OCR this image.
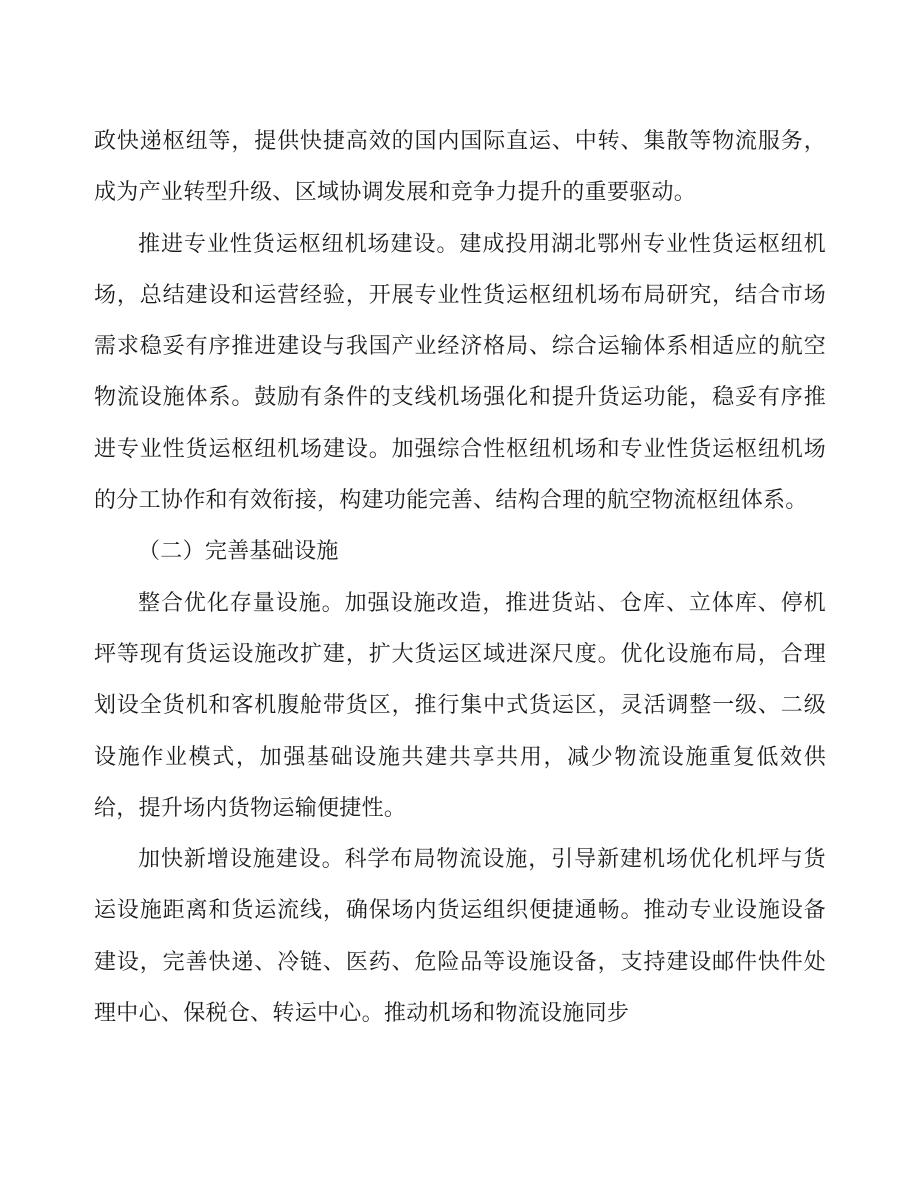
政快递枢纽等，提供快捷高效的国内国际直运、中转、集散等物流服务，成为产业转型升级、区域协调发展和竞争力提升的重要驱动。

推进专业性货运枢纽机场建设。建成投用湖北鄂州专业性货运枢纽机场，总结建设和运营经验，开展专业性货运枢纽机场布局研究，结合市场需求稳妥有序推进建设与我国产业经济格局、综合运输体系相适应的航空物流设施体系。鼓励有条件的支线机场强化和提升货运功能，稳妥有序推进专业性货运枢纽机场建设。加强综合性枢纽机场和专业性货运枢纽机场的分工协作和有效衔接，构建功能完善、结构合理的航空物流枢纽体系。

（二）完善基础设施

整合优化存量设施。加强设施改造，推进货站、仓库、立体库、停机坪等现有货运设施改扩建，扩大货运区域进深尺度。优化设施布局，合理划设全货机和客机腹舱带货区，推行集中式货运区，灵活调整一级、二级设施作业模式，加强基础设施共建共享共用，减少物流设施重复低效供给，提升场内货物运输便捷性。

加快新增设施建设。科学布局物流设施，引导新建机场优化机坪与货运设施距离和货运流线，确保场内货运组织便捷通畅。推动专业设施设备建设，完善快递、冷链、医药、危险品等设施设备，支持建设邮件快件处理中心、保税仓、转运中心。推动机场和物流设施同步
